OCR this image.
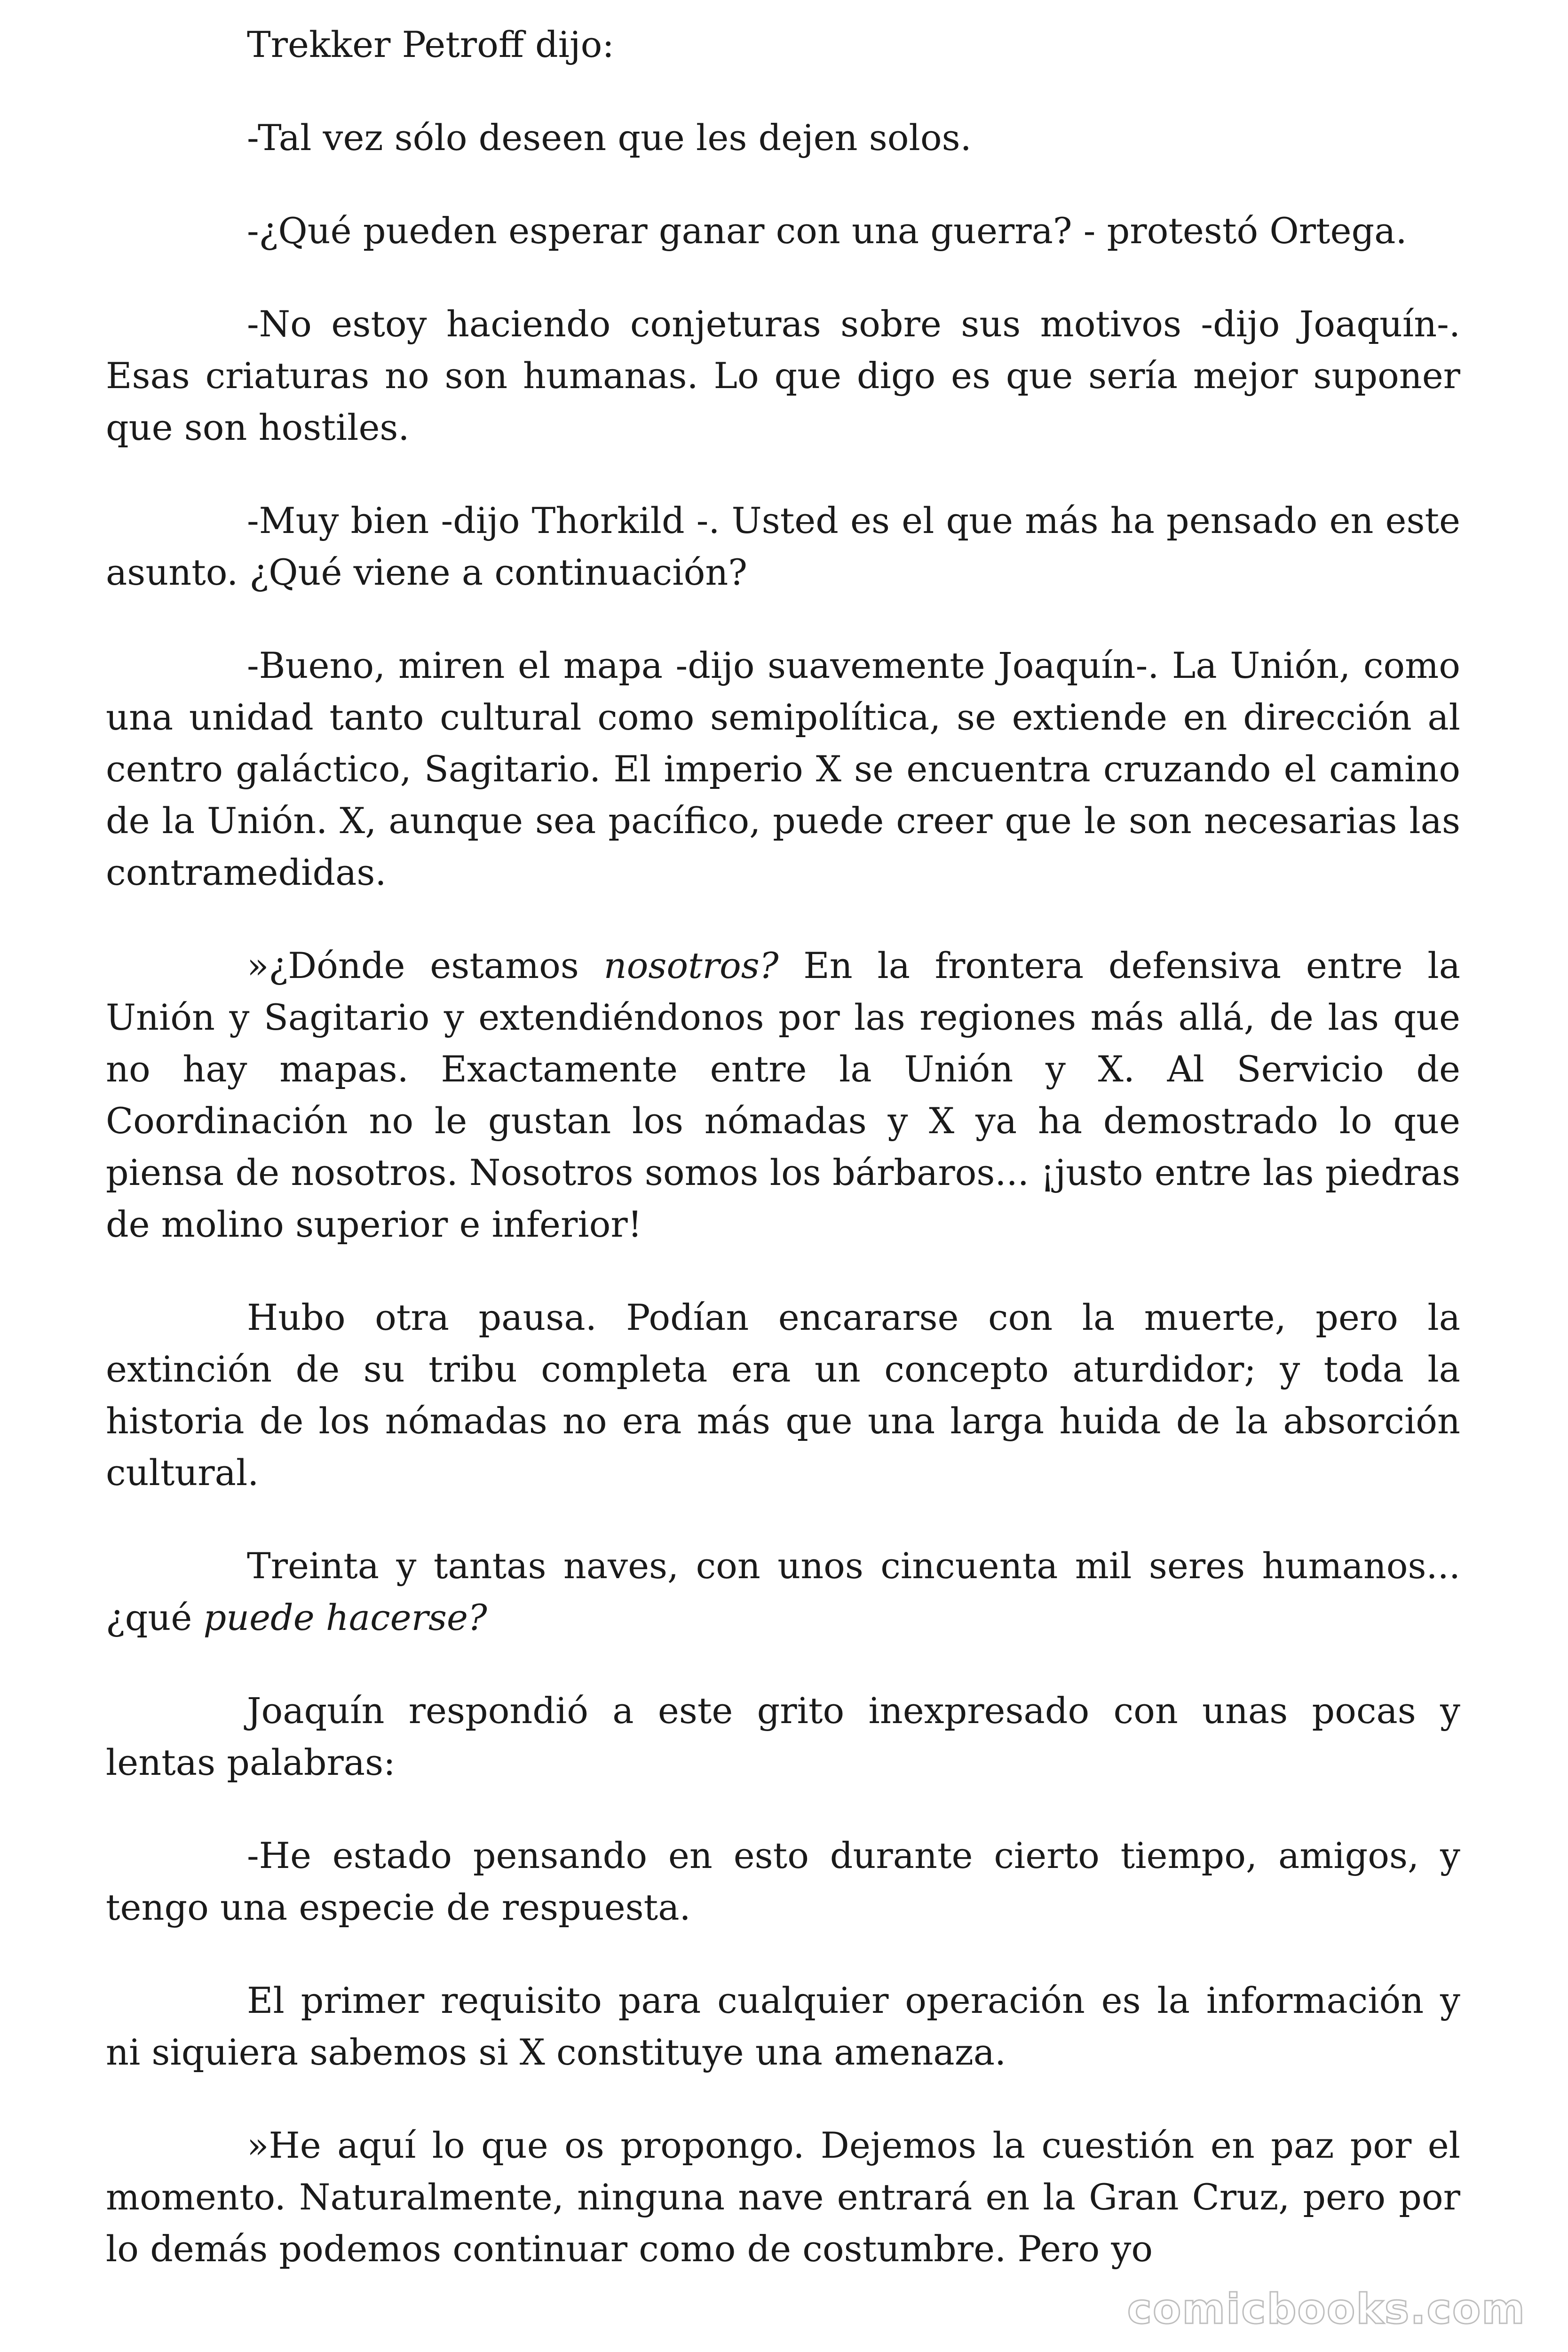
Trekker Petroff dijo:

-Tal vez sólo deseen que les dejen solos.

-¿Qué pueden esperar ganar con una guerra? - protestó Ortega.

-No estoy haciendo conjeturas sobre sus motivos -dijo Joaquín-. Esas criaturas no son humanas. Lo que digo es que sería mejor suponer que son hostiles.

-Muy bien -dijo Thorkild -. Usted es el que más ha pensado en este asunto. ¿Qué viene a continuación?

-Bueno, miren el mapa -dijo suavemente Joaquín-. La Unión, como una unidad tanto cultural como semipolítica, se extiende en dirección al centro galáctico, Sagitario. El imperio X se encuentra cruzando el camino de la Unión. X, aunque sea pacífico, puede creer que le son necesarias las contramedidas.

»¿Dónde estamos nosotros? En la frontera defensiva entre la Unión y Sagitario y extendiéndonos por las regiones más allá, de las que no hay mapas. Exactamente entre la Unión y X. Al Servicio de Coordinación no le gustan los nómadas y X ya ha demostrado lo que piensa de nosotros. Nosotros somos los bárbaros... ¡justo entre las piedras de molino superior e inferior!

Hubo otra pausa. Podían encararse con la muerte, pero la extinción de su tribu completa era un concepto aturdidor; y toda la historia de los nómadas no era más que una larga huida de la absorción cultural.

Treinta y tantas naves, con unos cincuenta mil seres humanos... ¿qué puede hacerse?

Joaquín respondió a este grito inexpresado con unas pocas y lentas palabras:

-He estado pensando en esto durante cierto tiempo, amigos, y tengo una especie de respuesta.

El primer requisito para cualquier operación es la información y ni siquiera sabemos si X constituye una amenaza.

»He aquí lo que os propongo. Dejemos la cuestión en paz por el momento. Naturalmente, ninguna nave entrará en la Gran Cruz, pero por lo demás podemos continuar como de costumbre. Pero yo

comicbooks.com
